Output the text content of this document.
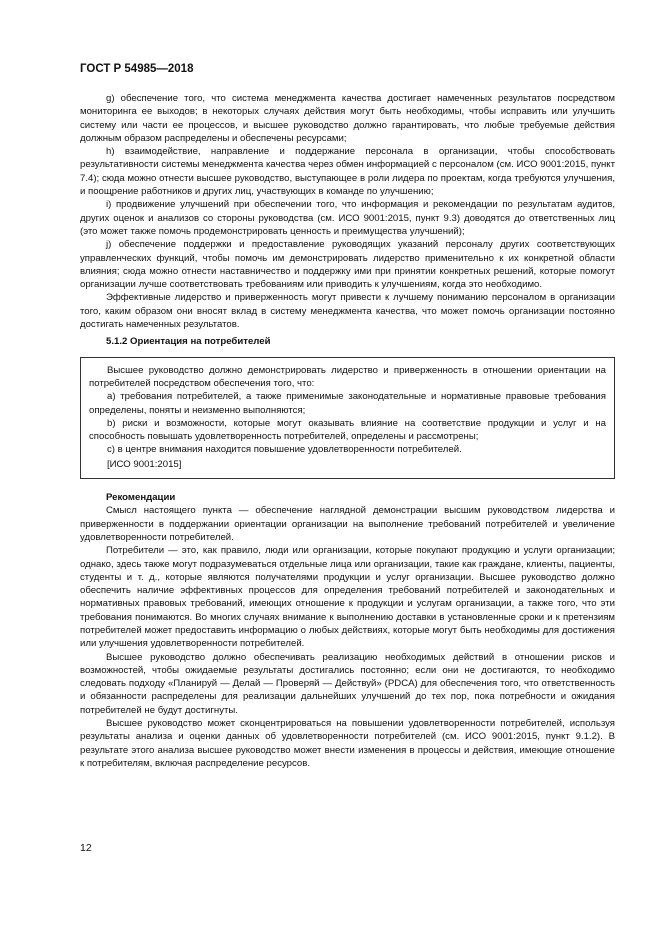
ГОСТ Р 54985—2018

g) обеспечение того, что система менеджмента качества достигает намеченных результатов посредством мониторинга ее выходов; в некоторых случаях действия могут быть необходимы, чтобы исправить или улучшить систему или части ее процессов, и высшее руководство должно гарантировать, что любые требуемые действия должным образом распределены и обеспечены ресурсами;

h) взаимодействие, направление и поддержание персонала в организации, чтобы способствовать результативности системы менеджмента качества через обмен информацией с персоналом (см. ИСО 9001:2015, пункт 7.4); сюда можно отнести высшее руководство, выступающее в роли лидера по проектам, когда требуются улучшения, и поощрение работников и других лиц, участвующих в команде по улучшению;

i) продвижение улучшений при обеспечении того, что информация и рекомендации по результатам аудитов, других оценок и анализов со стороны руководства (см. ИСО 9001:2015, пункт 9.3) доводятся до ответственных лиц (это может также помочь продемонстрировать ценность и преимущества улучшений);

j) обеспечение поддержки и предоставление руководящих указаний персоналу других соответствующих управленческих функций, чтобы помочь им демонстрировать лидерство применительно к их конкретной области влияния; сюда можно отнести наставничество и поддержку ими при принятии конкретных решений, которые помогут организации лучше соответствовать требованиям или приводить к улучшениям, когда это необходимо.

Эффективные лидерство и приверженность могут привести к лучшему пониманию персоналом в организации того, каким образом они вносят вклад в систему менеджмента качества, что может помочь организации постоянно достигать намеченных результатов.

5.1.2 Ориентация на потребителей

Высшее руководство должно демонстрировать лидерство и приверженность в отношении ориентации на потребителей посредством обеспечения того, что:

a) требования потребителей, а также применимые законодательные и нормативные правовые требования определены, поняты и неизменно выполняются;

b) риски и возможности, которые могут оказывать влияние на соответствие продукции и услуг и на способность повышать удовлетворенность потребителей, определены и рассмотрены;

c) в центре внимания находится повышение удовлетворенности потребителей.

[ИСО 9001:2015]

Рекомендации

Смысл настоящего пункта — обеспечение наглядной демонстрации высшим руководством лидерства и приверженности в поддержании ориентации организации на выполнение требований потребителей и увеличение удовлетворенности потребителей.

Потребители — это, как правило, люди или организации, которые покупают продукцию и услуги организации; однако, здесь также могут подразумеваться отдельные лица или организации, такие как граждане, клиенты, пациенты, студенты и т. д., которые являются получателями продукции и услуг организации. Высшее руководство должно обеспечить наличие эффективных процессов для определения требований потребителей и законодательных и нормативных правовых требований, имеющих отношение к продукции и услугам организации, а также того, что эти требования понимаются. Во многих случаях внимание к выполнению доставки в установленные сроки и к претензиям потребителей может предоставить информацию о любых действиях, которые могут быть необходимы для достижения или улучшения удовлетворенности потребителей.

Высшее руководство должно обеспечивать реализацию необходимых действий в отношении рисков и возможностей, чтобы ожидаемые результаты достигались постоянно; если они не достигаются, то необходимо следовать подходу «Планируй — Делай — Проверяй — Действуй» (PDCA) для обеспечения того, что ответственность и обязанности распределены для реализации дальнейших улучшений до тех пор, пока потребности и ожидания потребителей не будут достигнуты.

Высшее руководство может сконцентрироваться на повышении удовлетворенности потребителей, используя результаты анализа и оценки данных об удовлетворенности потребителей (см. ИСО 9001:2015, пункт 9.1.2). В результате этого анализа высшее руководство может внести изменения в процессы и действия, имеющие отношение к потребителям, включая распределение ресурсов.

12
